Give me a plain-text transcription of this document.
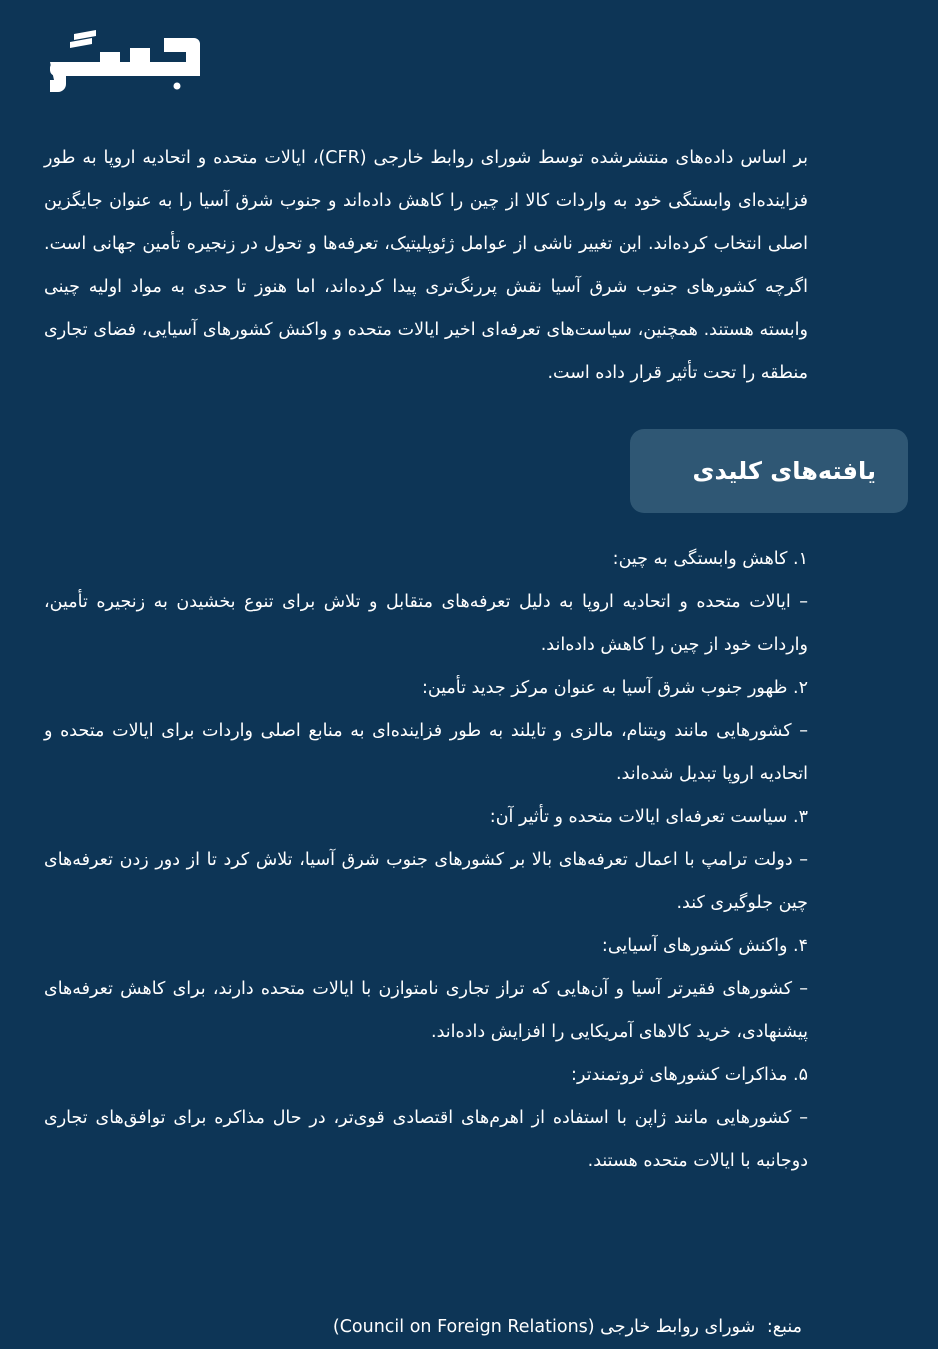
بر اساس داده‌های منتشرشده توسط شورای روابط خارجی (CFR)، ایالات متحده و اتحادیه اروپا به طور فزاینده‌ای وابستگی خود به واردات کالا از چین را کاهش داده‌اند و جنوب شرق آسیا را به عنوان جایگزین اصلی انتخاب کرده‌اند. این تغییر ناشی از عوامل ژئوپلیتیک، تعرفه‌ها و تحول در زنجیره تأمین جهانی است. اگرچه کشورهای جنوب شرق آسیا نقش پررنگ‌تری پیدا کرده‌اند، اما هنوز تا حدی به مواد اولیه چینی وابسته هستند. همچنین، سیاست‌های تعرفه‌ای اخیر ایالات متحده و واکنش کشورهای آسیایی، فضای تجاری منطقه را تحت تأثیر قرار داده است.

یافته‌های کلیدی

۱. کاهش وابستگی به چین:

– ایالات متحده و اتحادیه اروپا به دلیل تعرفه‌های متقابل و تلاش برای تنوع بخشیدن به زنجیره تأمین، واردات خود از چین را کاهش داده‌اند.

۲. ظهور جنوب شرق آسیا به عنوان مرکز جدید تأمین:

– کشورهایی مانند ویتنام، مالزی و تایلند به طور فزاینده‌ای به منابع اصلی واردات برای ایالات متحده و اتحادیه اروپا تبدیل شده‌اند.

۳. سیاست تعرفه‌ای ایالات متحده و تأثیر آن:

– دولت ترامپ با اعمال تعرفه‌های بالا بر کشورهای جنوب شرق آسیا، تلاش کرد تا از دور زدن تعرفه‌های چین جلوگیری کند.

۴. واکنش کشورهای آسیایی:

– کشورهای فقیرتر آسیا و آن‌هایی که تراز تجاری نامتوازن با ایالات متحده دارند، برای کاهش تعرفه‌های پیشنهادی، خرید کالاهای آمریکایی را افزایش داده‌اند.

۵. مذاکرات کشورهای ثروتمندتر:

– کشورهایی مانند ژاپن با استفاده از اهرم‌های اقتصادی قوی‌تر، در حال مذاکره برای توافق‌های تجاری دوجانبه با ایالات متحده هستند.

منبع: شورای روابط خارجی (Council on Foreign Relations)
